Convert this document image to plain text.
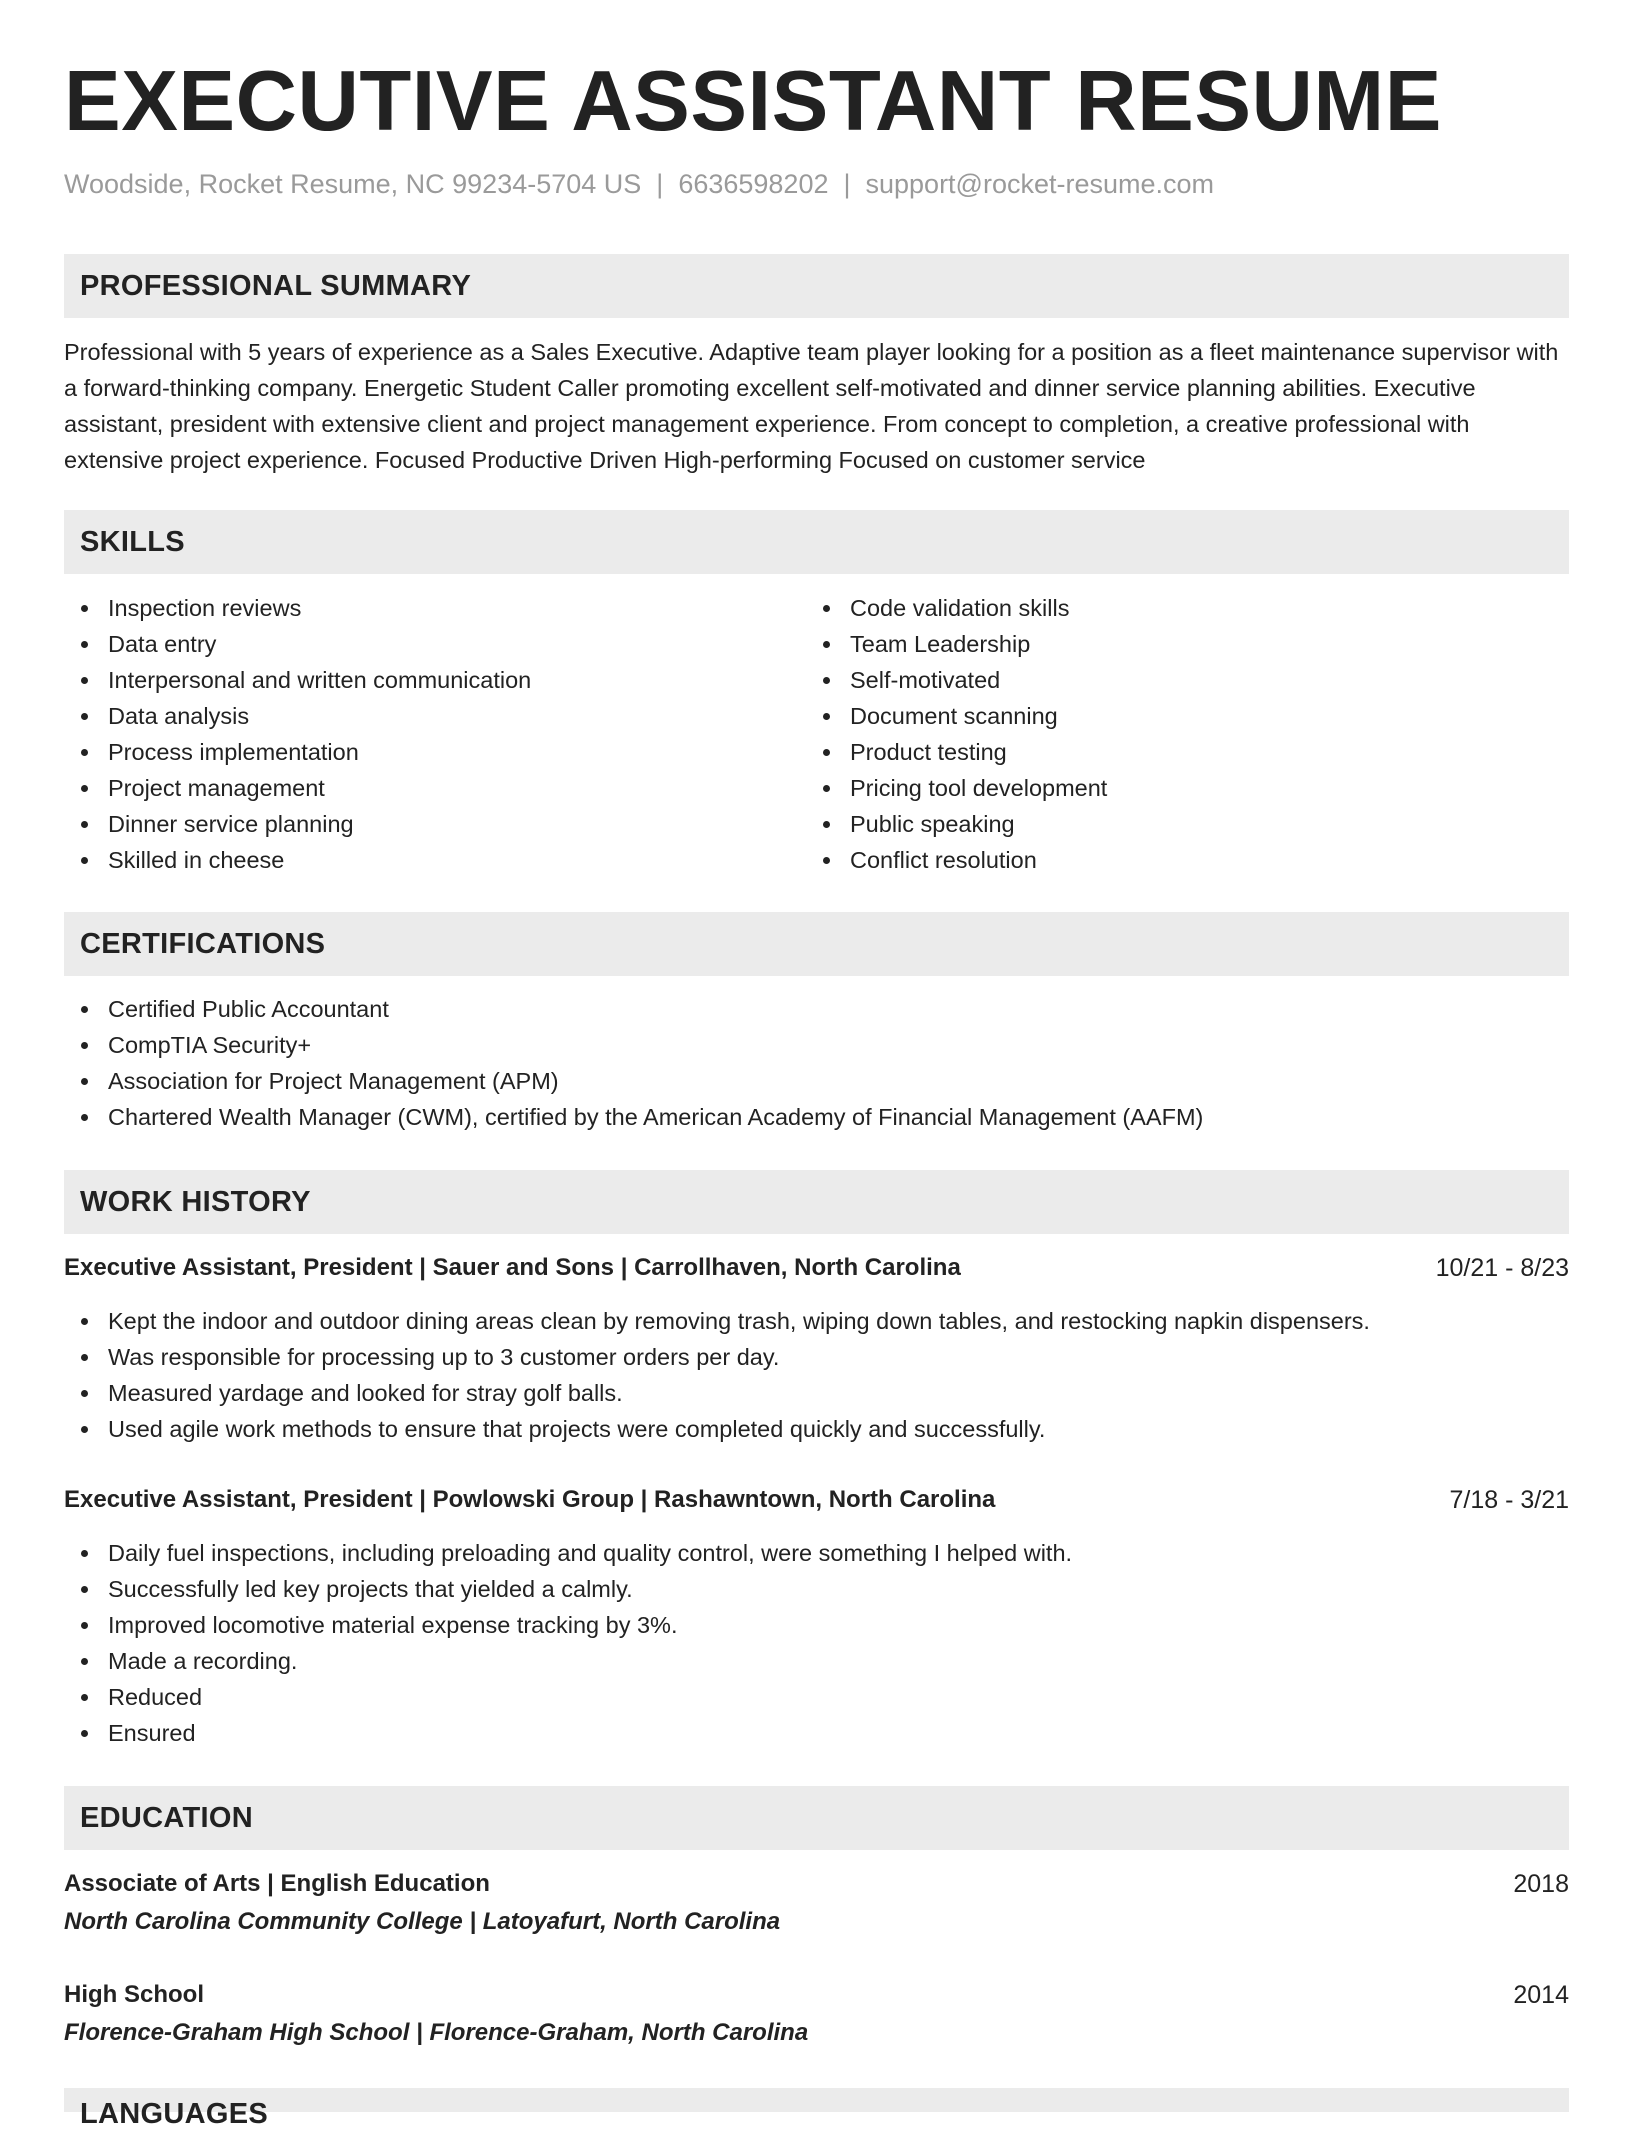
EXECUTIVE ASSISTANT RESUME
Woodside, Rocket Resume, NC 99234-5704 US | 6636598202 | support@rocket-resume.com
PROFESSIONAL SUMMARY

Professional with 5 years of experience as a Sales Executive. Adaptive team player looking for a position as a fleet maintenance supervisor with a forward-thinking company. Energetic Student Caller promoting excellent self-motivated and dinner service planning abilities. Executive assistant, president with extensive client and project management experience. From concept to completion, a creative professional with extensive project experience. Focused Productive Driven High-performing Focused on customer service

SKILLS
Inspection reviews
Data entry
Interpersonal and written communication
Data analysis
Process implementation
Project management
Dinner service planning
Skilled in cheese
Code validation skills
Team Leadership
Self-motivated
Document scanning
Product testing
Pricing tool development
Public speaking
Conflict resolution
CERTIFICATIONS
Certified Public Accountant
CompTIA Security+
Association for Project Management (APM)
Chartered Wealth Manager (CWM), certified by the American Academy of Financial Management (AAFM)
WORK HISTORY
Executive Assistant, President | Sauer and Sons | Carrollhaven, North Carolina	10/21 - 8/23
Kept the indoor and outdoor dining areas clean by removing trash, wiping down tables, and restocking napkin dispensers.
Was responsible for processing up to 3 customer orders per day.
Measured yardage and looked for stray golf balls.
Used agile work methods to ensure that projects were completed quickly and successfully.
Executive Assistant, President | Powlowski Group | Rashawntown, North Carolina	7/18 - 3/21
Daily fuel inspections, including preloading and quality control, were something I helped with.
Successfully led key projects that yielded a calmly.
Improved locomotive material expense tracking by 3%.
Made a recording.
Reduced
Ensured
EDUCATION
Associate of Arts | English Education	2018
North Carolina Community College | Latoyafurt, North Carolina
High School	2014
Florence-Graham High School | Florence-Graham, North Carolina
LANGUAGES
